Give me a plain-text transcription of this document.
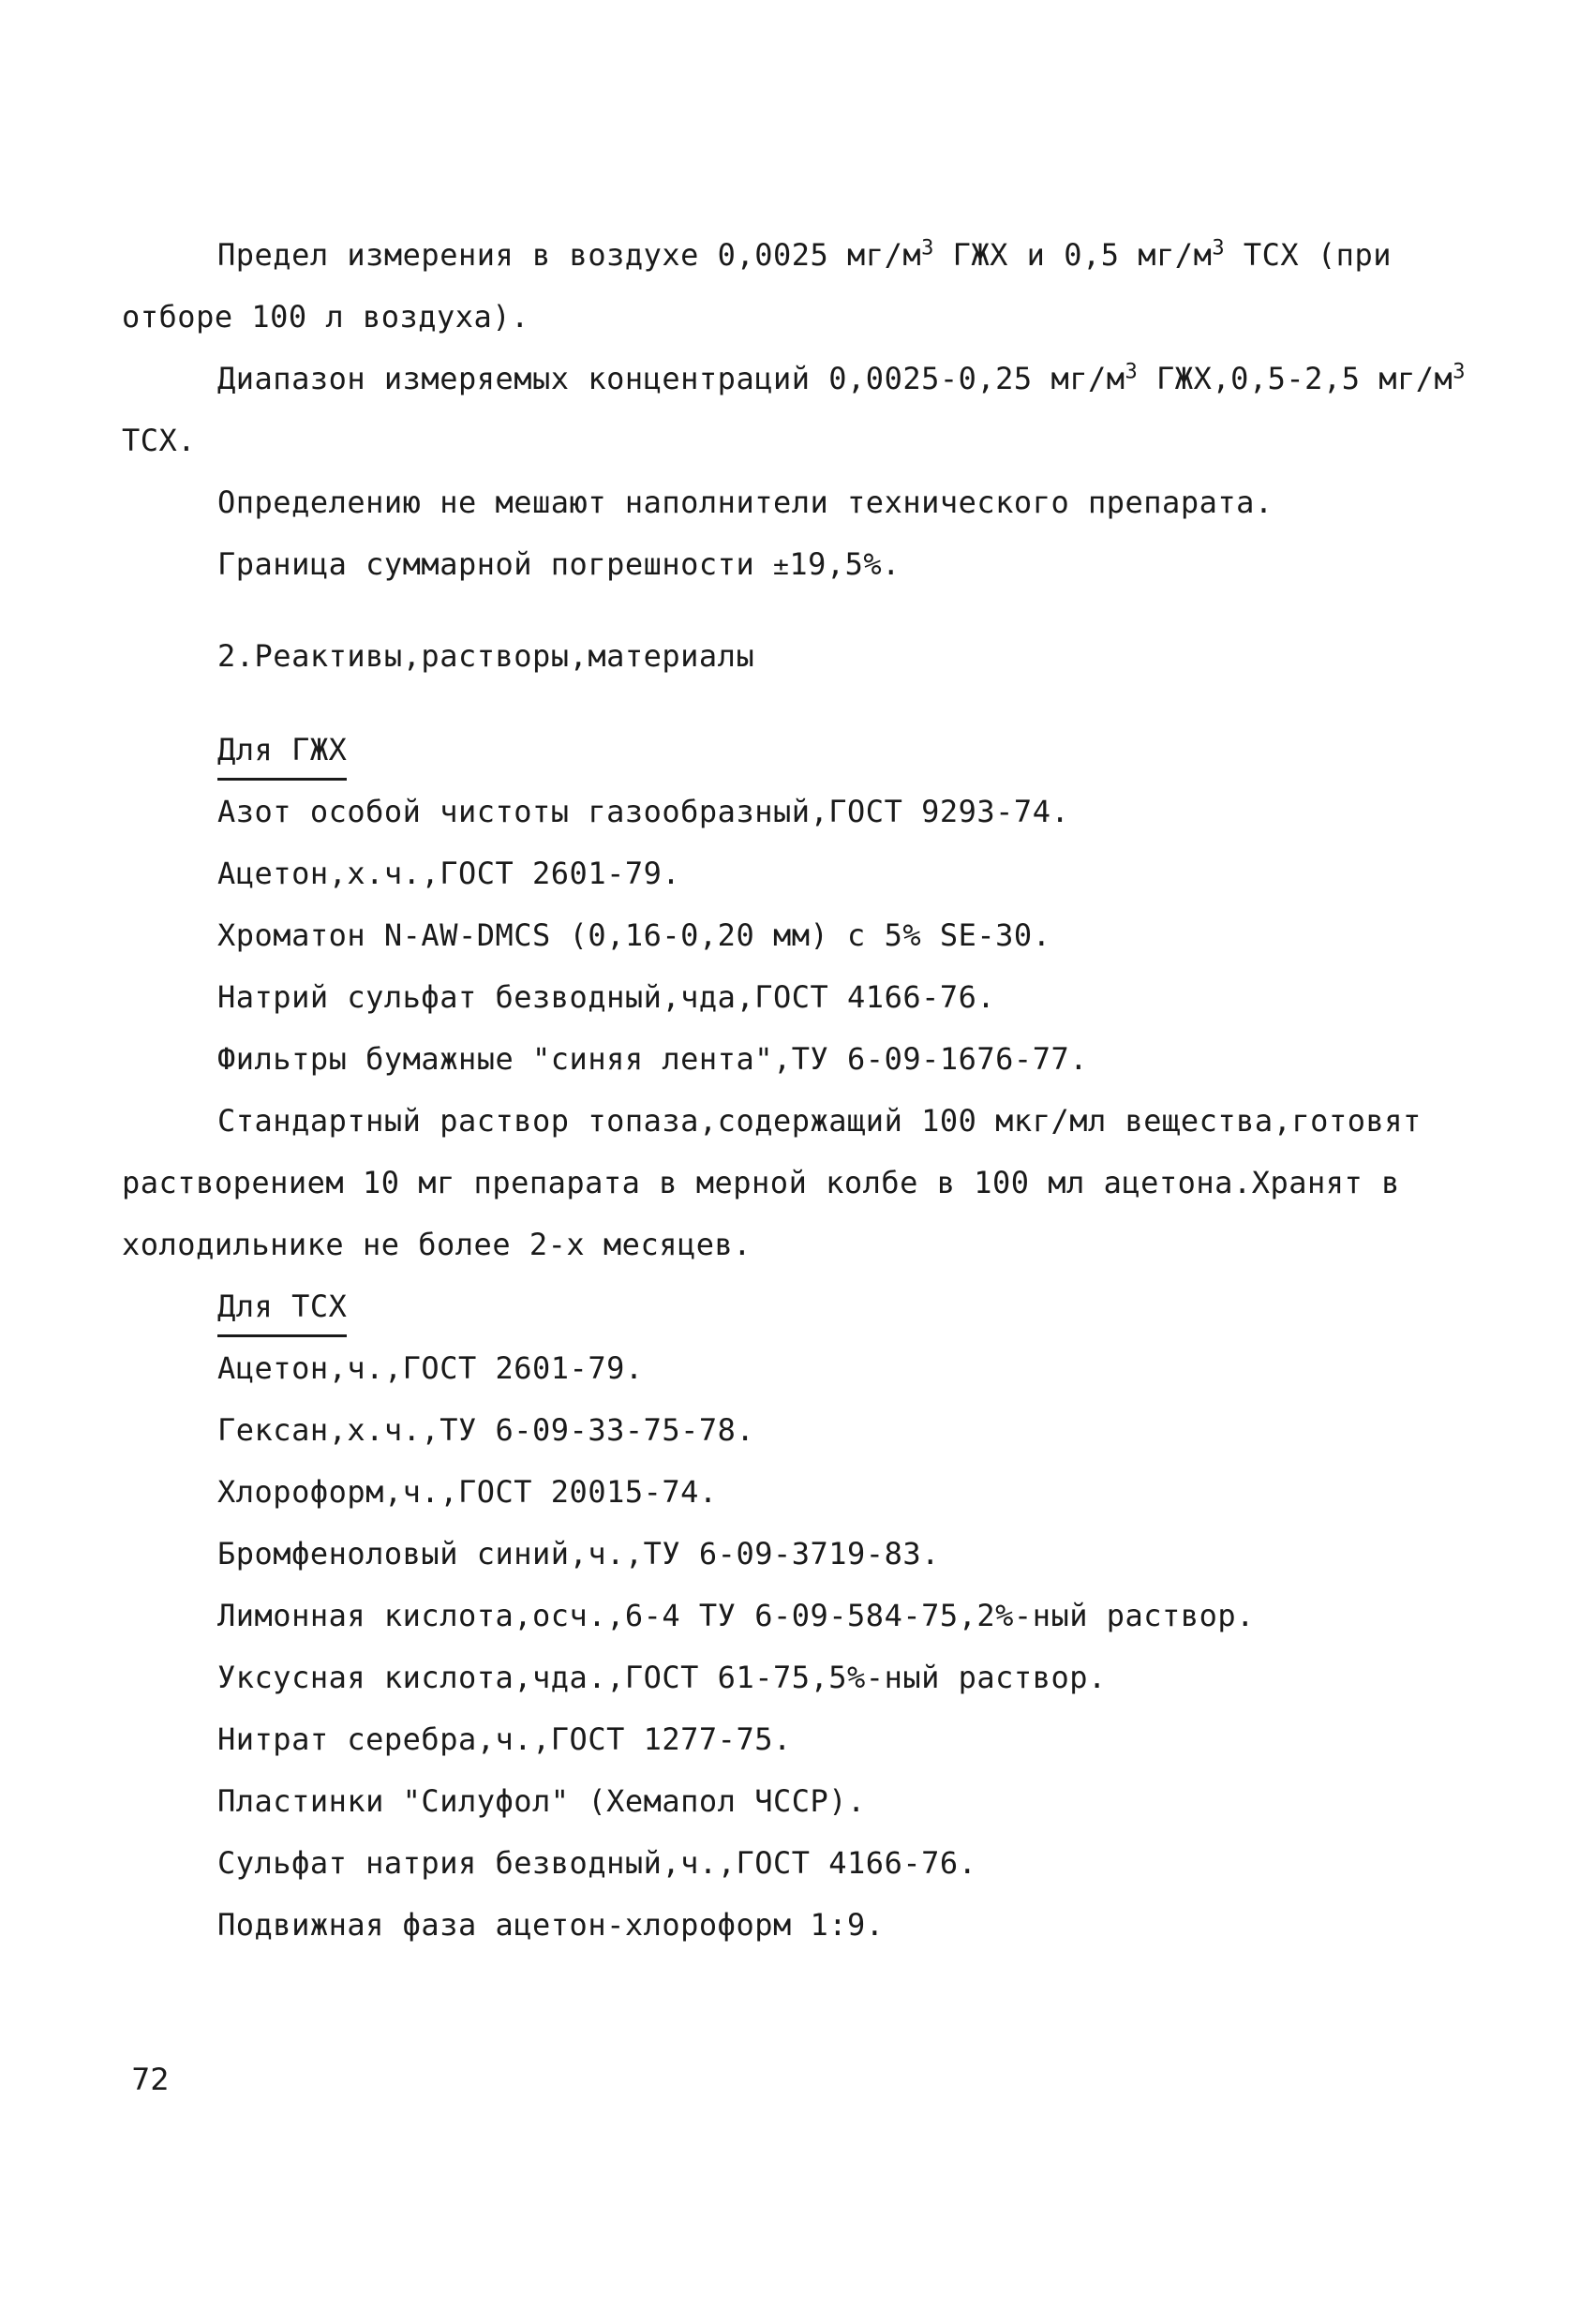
Предел измерения в воздухе 0,0025 $мг/м^3$ ГЖХ и 0,5 $мг/м^3$ ТСХ (при
отборе 100 л воздуха).
Диапазон измеряемых концентраций 0,0025-0,25 $мг/м^3$ ГЖХ,0,5-2,5 $мг/м^3$
ТСХ.
Определению не мешают наполнители технического препарата.
Граница суммарной погрешности ±19,5%.
2.Реактивы,растворы,материалы
Для ГЖХ
Азот особой чистоты газообразный,ГОСТ 9293-74.
Ацетон,х.ч.,ГОСТ 2601-79.
Хроматон N-AW-DMCS (0,16-0,20 мм) с 5% SE-30.
Натрий сульфат безводный,чда,ГОСТ 4166-76.
Фильтры бумажные "синяя лента",ТУ 6-09-1676-77.
Стандартный раствор топаза,содержащий 100 мкг/мл вещества,готовят
растворением 10 мг препарата в мерной колбе в 100 мл ацетона.Хранят в
холодильнике не более 2-х месяцев.
Для ТСХ
Ацетон,ч.,ГОСТ 2601-79.
Гексан,х.ч.,ТУ 6-09-33-75-78.
Хлороформ,ч.,ГОСТ 20015-74.
Бромфеноловый синий,ч.,ТУ 6-09-3719-83.
Лимонная кислота,осч.,6-4 ТУ 6-09-584-75,2%-ный раствор.
Уксусная кислота,чда.,ГОСТ 61-75,5%-ный раствор.
Нитрат серебра,ч.,ГОСТ 1277-75.
Пластинки "Силуфол" (Хемапол ЧССР).
Сульфат натрия безводный,ч.,ГОСТ 4166-76.
Подвижная фаза ацетон-хлороформ 1:9.
72
